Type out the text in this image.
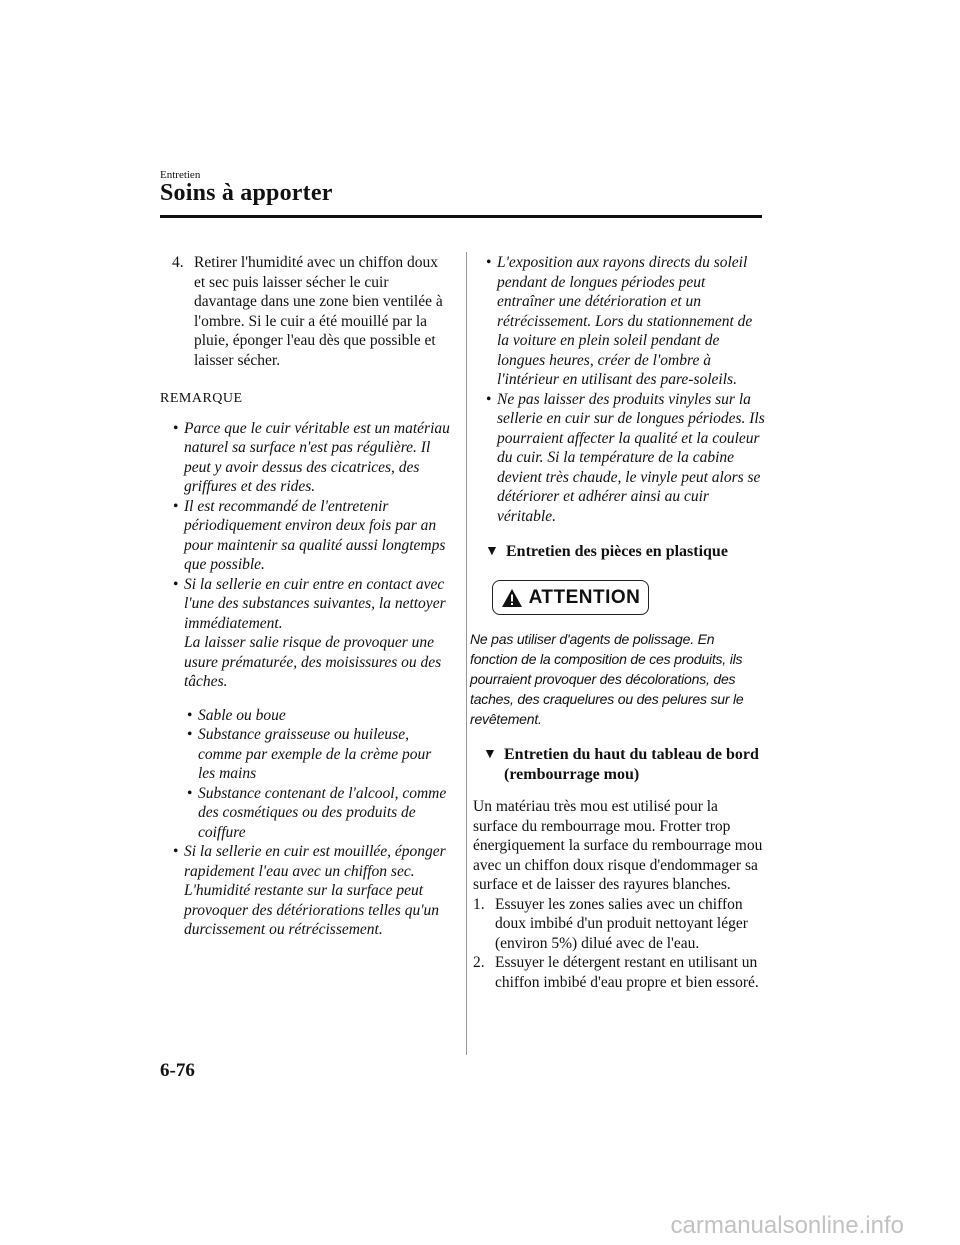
Entretien
Soins à apporter
4. Retirer l'humidité avec un chiffon doux et sec puis laisser sécher le cuir davantage dans une zone bien ventilée à l'ombre. Si le cuir a été mouillé par la pluie, éponger l'eau dès que possible et laisser sécher.
REMARQUE
• Parce que le cuir véritable est un matériau naturel sa surface n'est pas régulière. Il peut y avoir dessus des cicatrices, des griffures et des rides.
• Il est recommandé de l'entretenir périodiquement environ deux fois par an pour maintenir sa qualité aussi longtemps que possible.
• Si la sellerie en cuir entre en contact avec l'une des substances suivantes, la nettoyer immédiatement.
La laisser salie risque de provoquer une usure prématurée, des moisissures ou des tâches.
• Sable ou boue
• Substance graisseuse ou huileuse, comme par exemple de la crème pour les mains
• Substance contenant de l'alcool, comme des cosmétiques ou des produits de coiffure
• Si la sellerie en cuir est mouillée, éponger rapidement l'eau avec un chiffon sec. L'humidité restante sur la surface peut provoquer des détériorations telles qu'un durcissement ou rétrécissement.
• L'exposition aux rayons directs du soleil pendant de longues périodes peut entraîner une détérioration et un rétrécissement. Lors du stationnement de la voiture en plein soleil pendant de longues heures, créer de l'ombre à l'intérieur en utilisant des pare-soleils.
• Ne pas laisser des produits vinyles sur la sellerie en cuir sur de longues périodes. Ils pourraient affecter la qualité et la couleur du cuir. Si la température de la cabine devient très chaude, le vinyle peut alors se détériorer et adhérer ainsi au cuir véritable.
▼ Entretien des pièces en plastique
ATTENTION
Ne pas utiliser d'agents de polissage. En fonction de la composition de ces produits, ils pourraient provoquer des décolorations, des taches, des craquelures ou des pelures sur le revêtement.
▼ Entretien du haut du tableau de bord (rembourrage mou)
Un matériau très mou est utilisé pour la surface du rembourrage mou. Frotter trop énergiquement la surface du rembourrage mou avec un chiffon doux risque d'endommager sa surface et de laisser des rayures blanches.
1. Essuyer les zones salies avec un chiffon doux imbibé d'un produit nettoyant léger (environ 5%) dilué avec de l'eau.
2. Essuyer le détergent restant en utilisant un chiffon imbibé d'eau propre et bien essoré.
6-76
carmanualsonline.info
